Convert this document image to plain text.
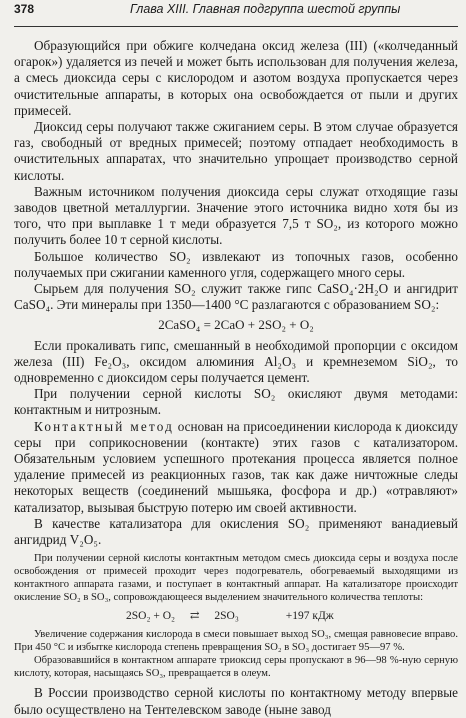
378	Глава XIII. Главная подгруппа шестой группы

Образующийся при обжиге колчедана оксид железа (III) («колчеданный огарок») удаляется из печей и может быть использован для получения железа, а смесь диоксида серы с кислородом и азотом воздуха пропускается через очистительные аппараты, в которых она освобождается от пыли и других примесей.

Диоксид серы получают также сжиганием серы. В этом случае образуется газ, свободный от вредных примесей; поэтому отпадает необходимость в очистительных аппаратах, что значительно упрощает производство серной кислоты.

Важным источником получения диоксида серы служат отходящие газы заводов цветной металлургии. Значение этого источника видно хотя бы из того, что при выплавке 1 т меди образуется 7,5 т SO₂, из которого можно получить более 10 т серной кислоты.

Большое количество SO₂ извлекают из топочных газов, особенно получаемых при сжигании каменного угля, содержащего много серы.

Сырьем для получения SO₂ служит также гипс CaSO₄·2H₂O и ангидрит CaSO₄. Эти минералы при 1350—1400 °C разлагаются с образованием SO₂:

2CaSO₄ = 2CaO + 2SO₂ + O₂

Если прокаливать гипс, смешанный в необходимой пропорции с оксидом железа (III) Fe₂O₃, оксидом алюминия Al₂O₃ и кремнеземом SiO₂, то одновременно с диоксидом серы получается цемент.

При получении серной кислоты SO₂ окисляют двумя методами: контактным и нитрозным.

Контактный метод основан на присоединении кислорода к диоксиду серы при соприкосновении (контакте) этих газов с катализатором. Обязательным условием успешного протекания процесса является полное удаление примесей из реакционных газов, так как даже ничтожные следы некоторых веществ (соединений мышьяка, фосфора и др.) «отравляют» катализатор, вызывая быструю потерю им своей активности.

В качестве катализатора для окисления SO₂ применяют ванадиевый ангидрид V₂O₅.

При получении серной кислоты контактным методом смесь диоксида серы и воздуха после освобождения от примесей проходит через подогреватель, обогреваемый выходящими из контактного аппарата газами, и поступает в контактный аппарат. На катализаторе происходит окисление SO₂ в SO₃, сопровождающееся выделением значительного количества теплоты:

2SO₂ + O₂ ⇄ 2SO₃	+197 кДж

Увеличение содержания кислорода в смеси повышает выход SO₃, смещая равновесие вправо. При 450 °C и избытке кислорода степень превращения SO₂ в SO₃ достигает 95—97 %.

Образовавшийся в контактном аппарате триоксид серы пропускают в 96—98 %-ную серную кислоту, которая, насыщаясь SO₃, превращается в олеум.

В России производство серной кислоты по контактному методу впервые было осуществлено на Тентелевском заводе (ныне завод
